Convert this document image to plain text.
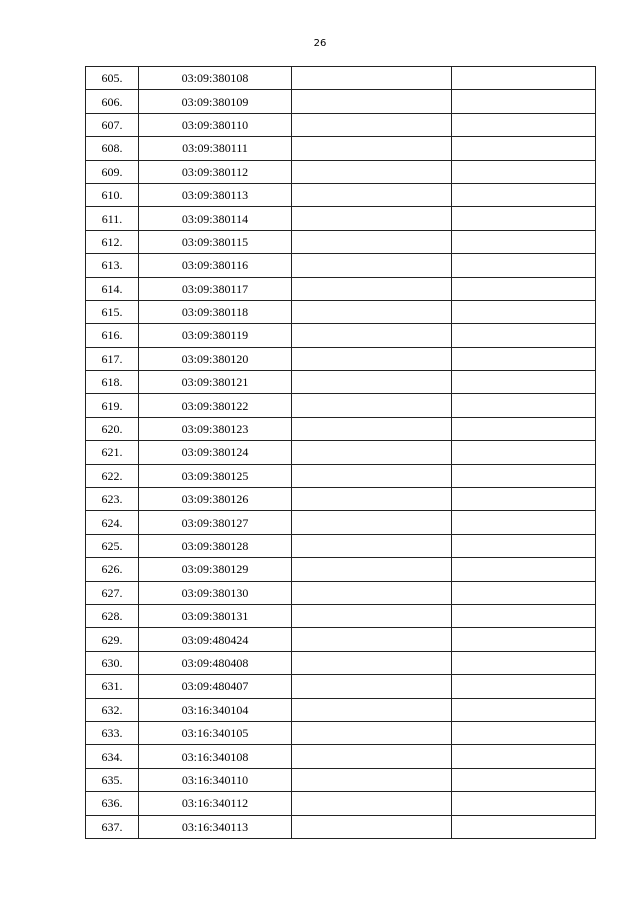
26
605.	03:09:380108		
606.	03:09:380109		
607.	03:09:380110		
608.	03:09:380111		
609.	03:09:380112		
610.	03:09:380113		
611.	03:09:380114		
612.	03:09:380115		
613.	03:09:380116		
614.	03:09:380117		
615.	03:09:380118		
616.	03:09:380119		
617.	03:09:380120		
618.	03:09:380121		
619.	03:09:380122		
620.	03:09:380123		
621.	03:09:380124		
622.	03:09:380125		
623.	03:09:380126		
624.	03:09:380127		
625.	03:09:380128		
626.	03:09:380129		
627.	03:09:380130		
628.	03:09:380131		
629.	03:09:480424		
630.	03:09:480408		
631.	03:09:480407		
632.	03:16:340104		
633.	03:16:340105		
634.	03:16:340108		
635.	03:16:340110		
636.	03:16:340112		
637.	03:16:340113		
